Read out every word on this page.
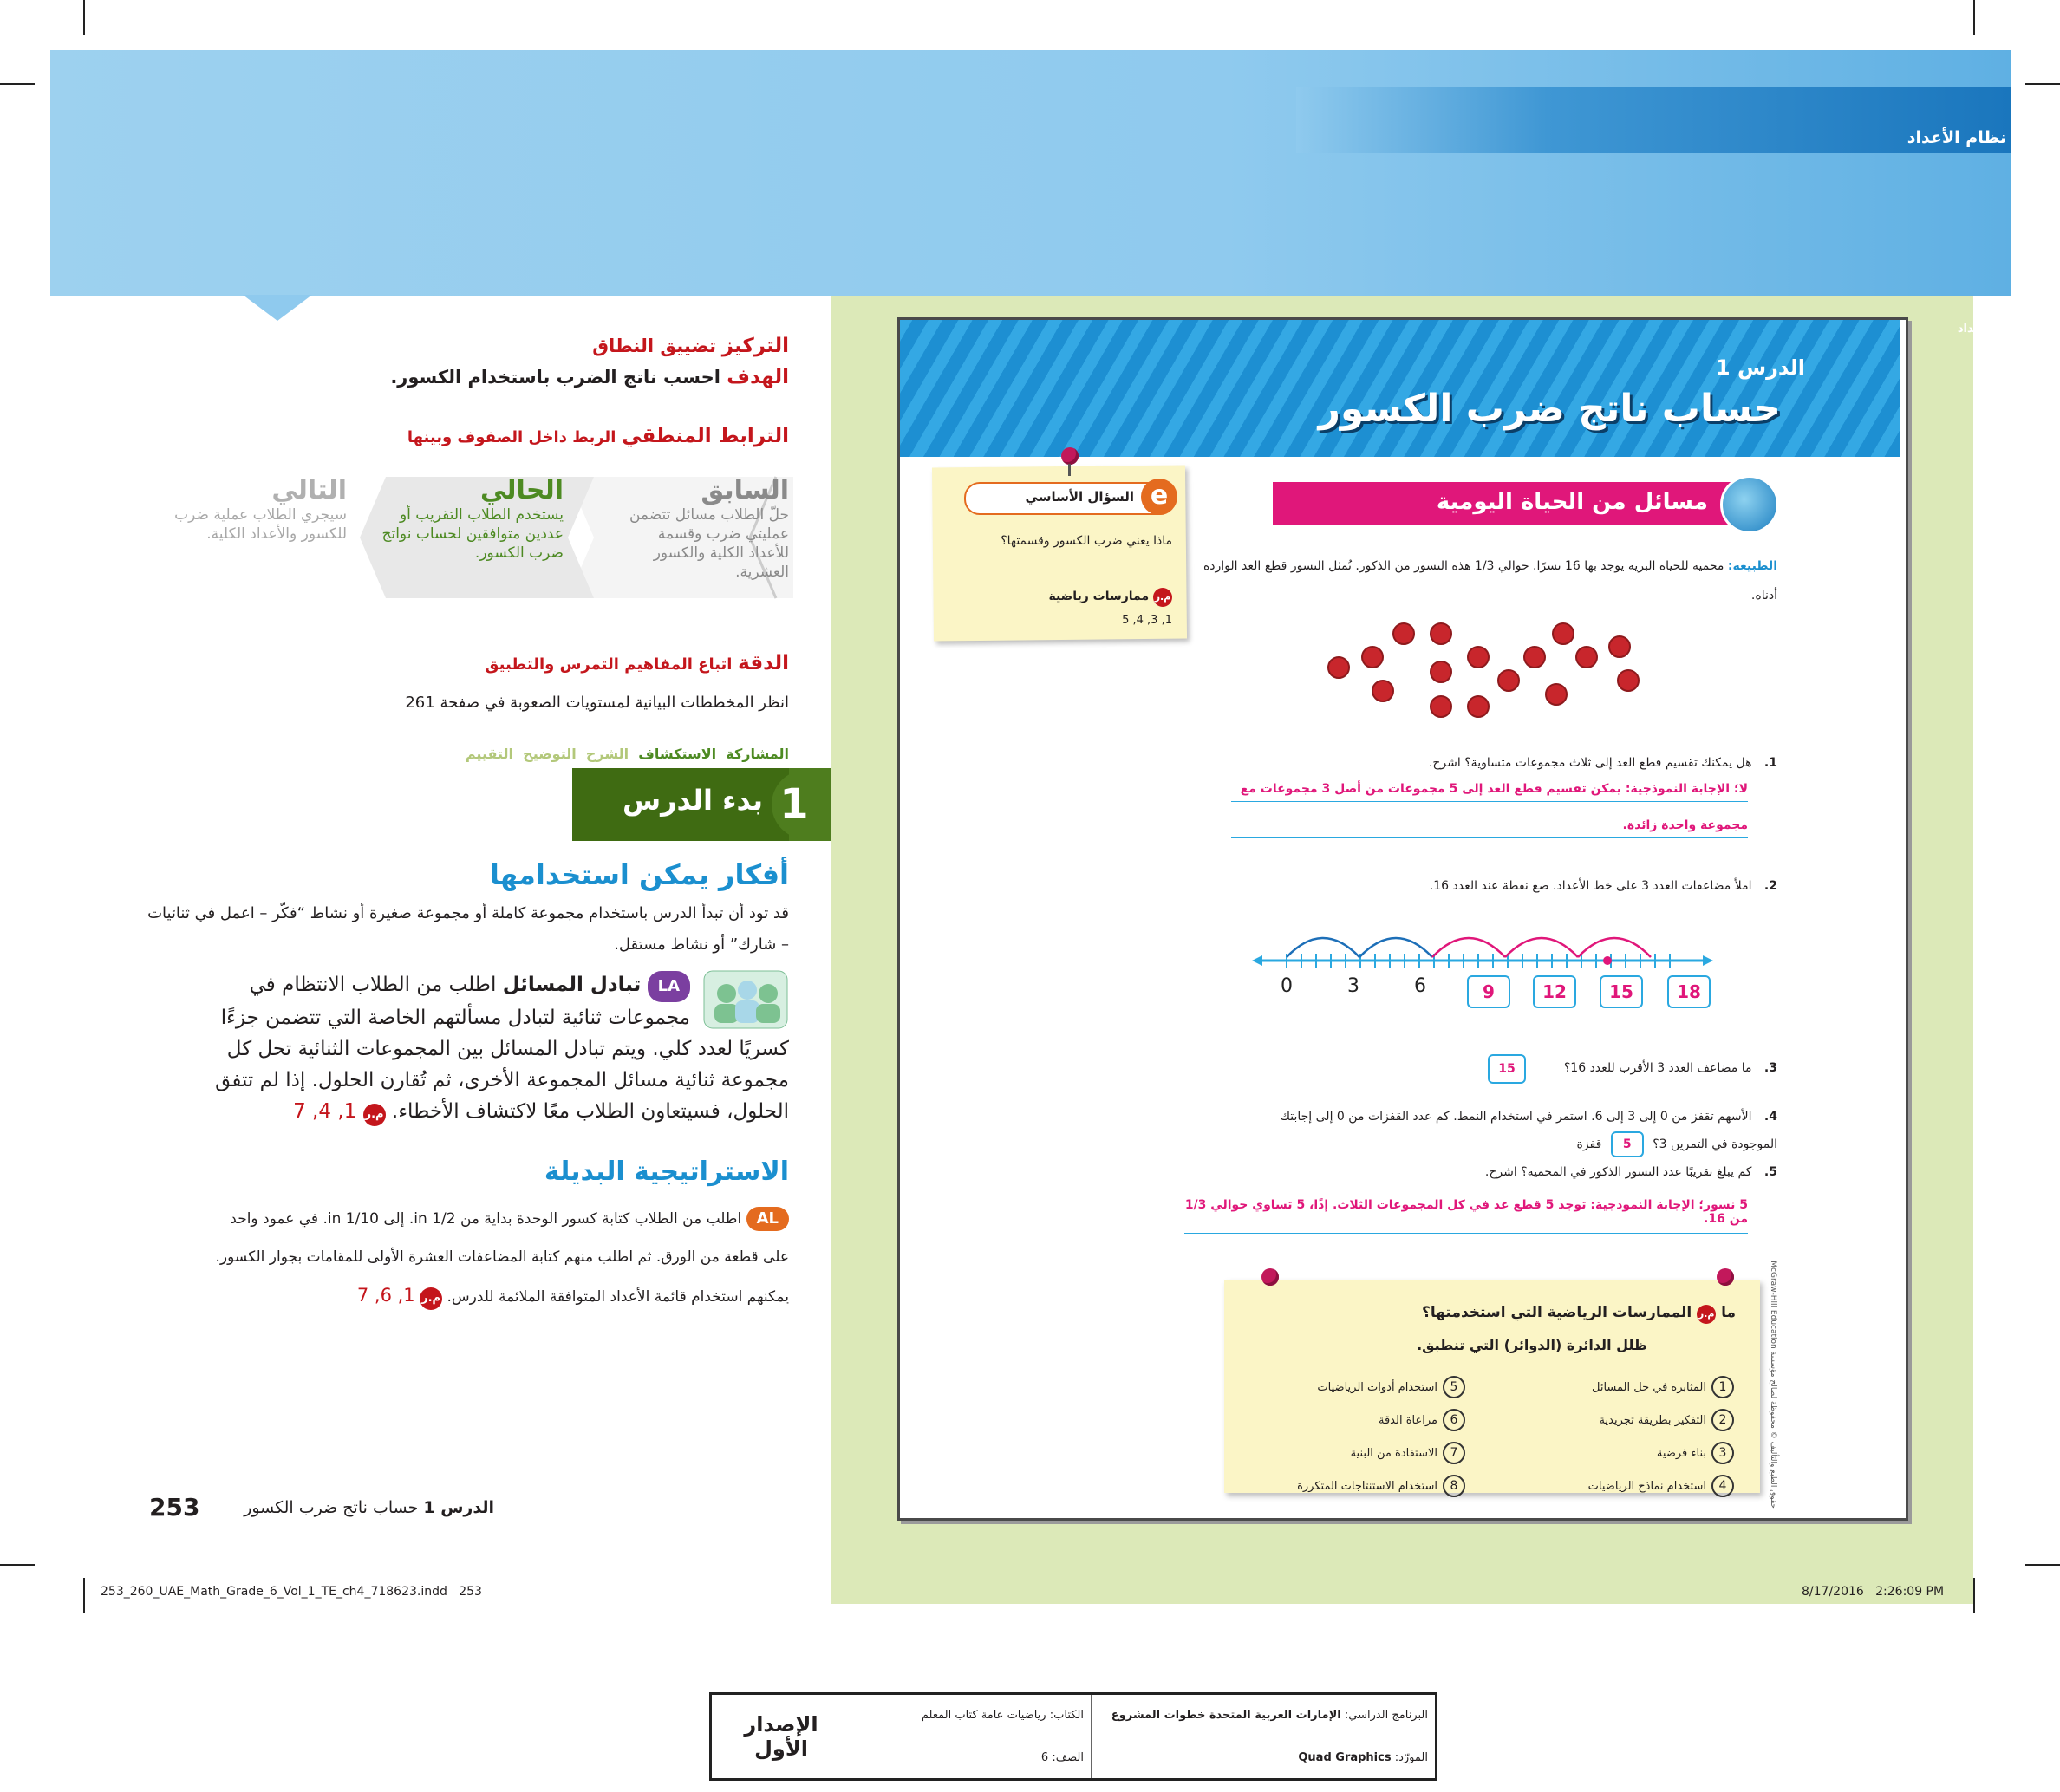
نظام الأعداد
التركيز تضييق النطاق
الهدف احسب ناتج الضرب باستخدام الكسور.
الترابط المنطقي الربط داخل الصفوف وبينها
السابق
حلّ الطلاب مسائل تتضمن عمليتي ضرب وقسمة للأعداد الكلية والكسور العشرية.
الحالي
يستخدم الطلاب التقريب أو عددين متوافقين لحساب نواتج ضرب الكسور.
التالي
سيجري الطلاب عملية ضرب للكسور والأعداد الكلية.
الدقة اتباع المفاهيم التمرس والتطبيق
انظر المخططات البيانية لمستويات الصعوبة في صفحة 261
المشاركة  الاستكشاف  الشرح  التوضيح  التقييم
1
بدء الدرس
أفكار يمكن استخدامها
قد تود أن تبدأ الدرس باستخدام مجموعة كاملة أو مجموعة صغيرة أو نشاط “فكّر – اعمل في ثنائيات – شارك” أو نشاط مستقل.
LA تبادل المسائل اطلب من الطلاب الانتظام في مجموعات ثنائية لتبادل مسألتهم الخاصة التي تتضمن جزءًا كسريًا لعدد كلي. ويتم تبادل المسائل بين المجموعات الثنائية تحل كل مجموعة ثنائية مسائل المجموعة الأخرى، ثم تُقارن الحلول. إذا لم تتفق الحلول، فسيتعاون الطلاب معًا لاكتشاف الأخطاء. م.ر 1, 4, 7
الاستراتيجية البديلة
AL اطلب من الطلاب كتابة كسور الوحدة بداية من 1/2 in. إلى 1/10 in. في عمود واحد
على قطعة من الورق. ثم اطلب منهم كتابة المضاعفات العشرة الأولى للمقامات بجوار الكسور.
يمكنهم استخدام قائمة الأعداد المتوافقة الملائمة للدرس. م.ر 1, 6, 7
الدرس 1 حساب ناتج ضرب الكسور
253
نظام الأعداد
الدرس 1
حساب ناتج ضرب الكسور
e
السؤال الأساسي
ماذا يعني ضرب الكسور وقسمتها؟
م.ر ممارسات رياضية
1, 3, 4, 5
مسائل من الحياة اليومية
الطبيعة: محمية للحياة البرية يوجد بها 16 نسرًا. حوالي 1/3 هذه النسور من الذكور. تُمثل النسور قطع العد الواردة أدناه.
1. هل يمكنك تقسيم قطع العد إلى ثلاث مجموعات متساوية؟ اشرح.
لا؛ الإجابة النموذجية: يمكن تقسيم قطع العد إلى 5 مجموعات من أصل 3 مجموعات مع
مجموعة واحدة زائدة.
2. املأ مضاعفات العدد 3 على خط الأعداد. ضع نقطة عند العدد 16.
0	3	6	9	12	15	18
3. ما مضاعف العدد 3 الأقرب للعدد 16؟
15
4. الأسهم تقفز من 0 إلى 3 إلى 6. استمر في استخدام النمط. كم عدد القفزات من 0 إلى إجابتك
الموجودة في التمرين 3؟ 5 قفزة
5. كم يبلغ تقريبًا عدد النسور الذكور في المحمية؟ اشرح.
5 نسور؛ الإجابة النموذجية: توجد 5 قطع عد في كل المجموعات الثلاث. إذًا، 5 تساوي حوالي 1/3 من 16.
ما م.ر الممارسات الرياضية التي استخدمتها؟
ظلل الدائرة (الدوائر) التي تنطبق.
1المثابرة في حل المسائل
2التفكير بطريقة تجريدية
3بناء فرضية
4استخدام نماذج الرياضيات
5استخدام أدوات الرياضيات
6مراعاة الدقة
7الاستفادة من البنية
8استخدام الاستنتاجات المتكررة
حقوق الطبع والتأليف © محفوظة لصالح مؤسسة McGraw-Hill Education
253_260_UAE_Math_Grade_6_Vol_1_TE_ch4_718623.indd   253	8/17/2016   2:26:09 PM
البرنامج الدراسي: الإمارات العربية المتحدة خطوات المشروع	الكتاب: رياضيات عامة كتاب المعلم	الإصدار الأول
المورّد: Quad Graphics	الصف: 6	
